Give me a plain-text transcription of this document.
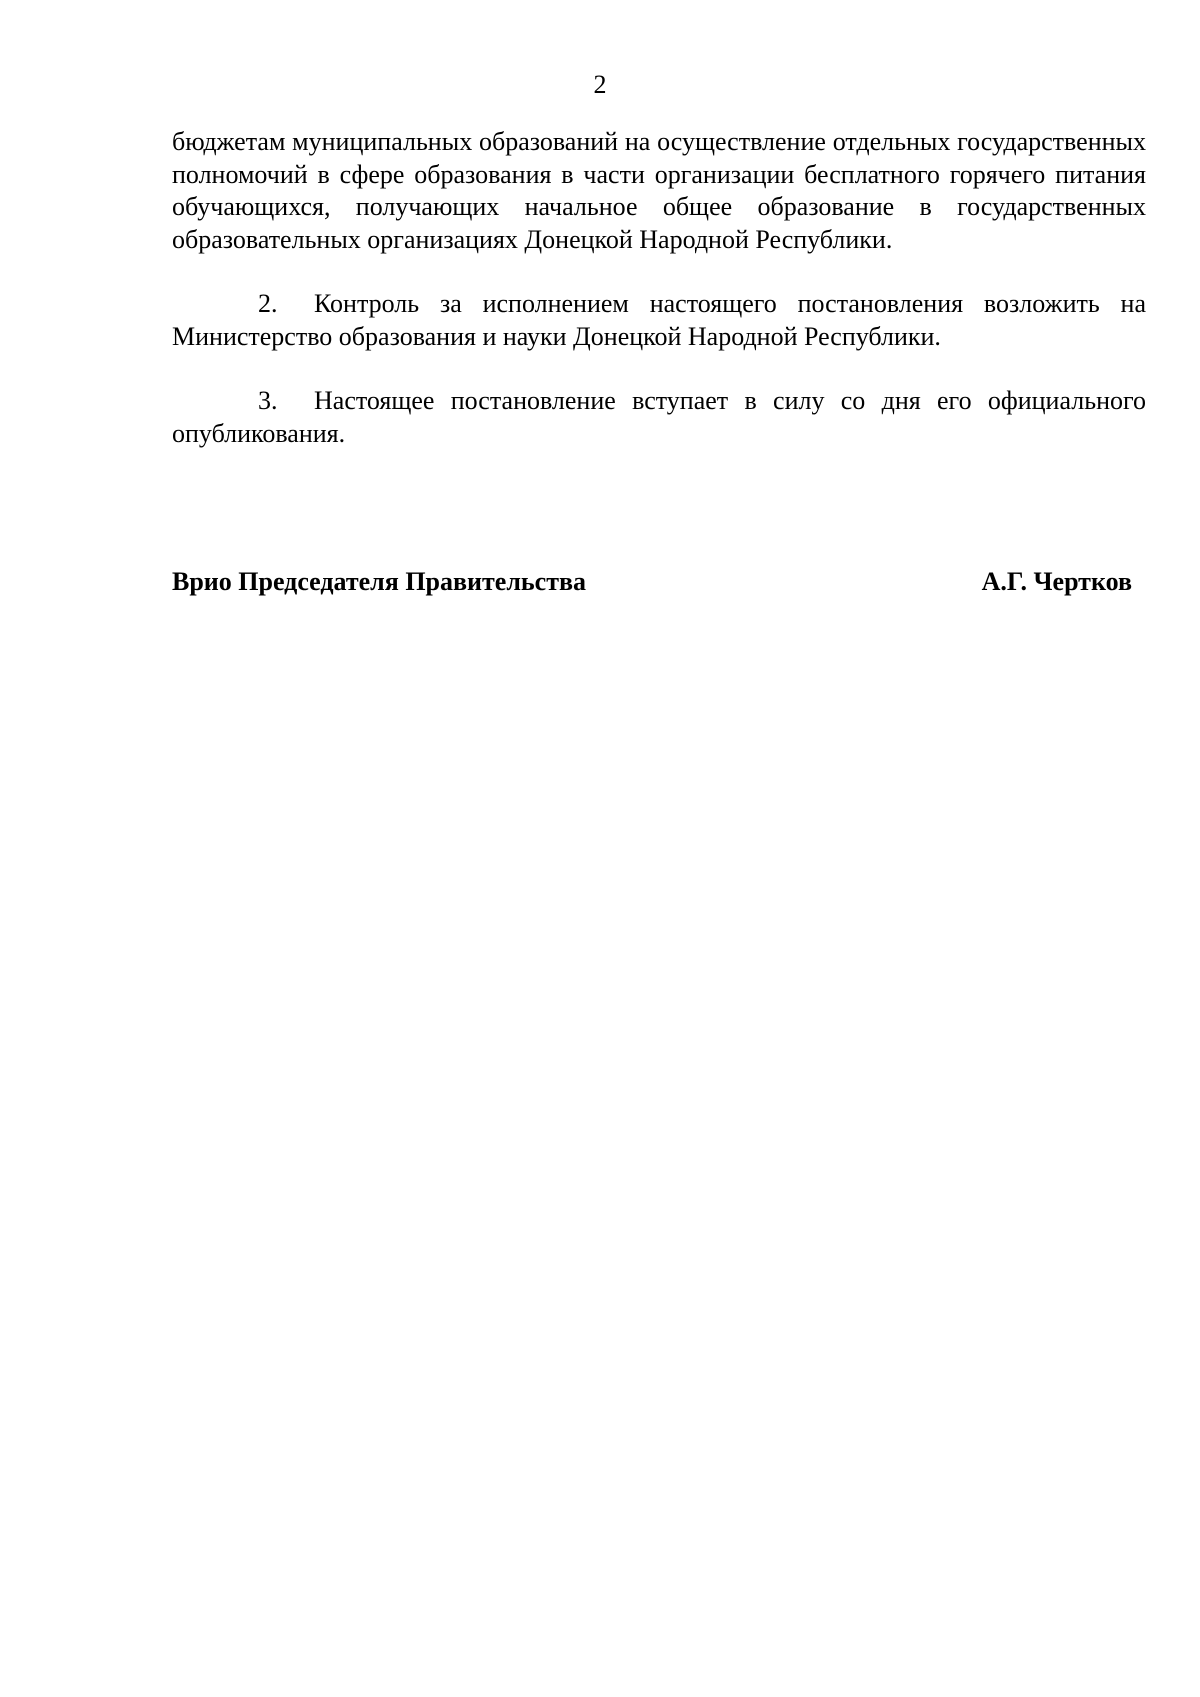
2

бюджетам муниципальных образований на осуществление отдельных государственных полномочий в сфере образования в части организации бесплатного горячего питания обучающихся, получающих начальное общее образование в государственных образовательных организациях Донецкой Народной Республики.

2. Контроль за исполнением настоящего постановления возложить на Министерство образования и науки Донецкой Народной Республики.

3. Настоящее постановление вступает в силу со дня его официального опубликования.

Врио Председателя Правительства	А.Г. Чертков
